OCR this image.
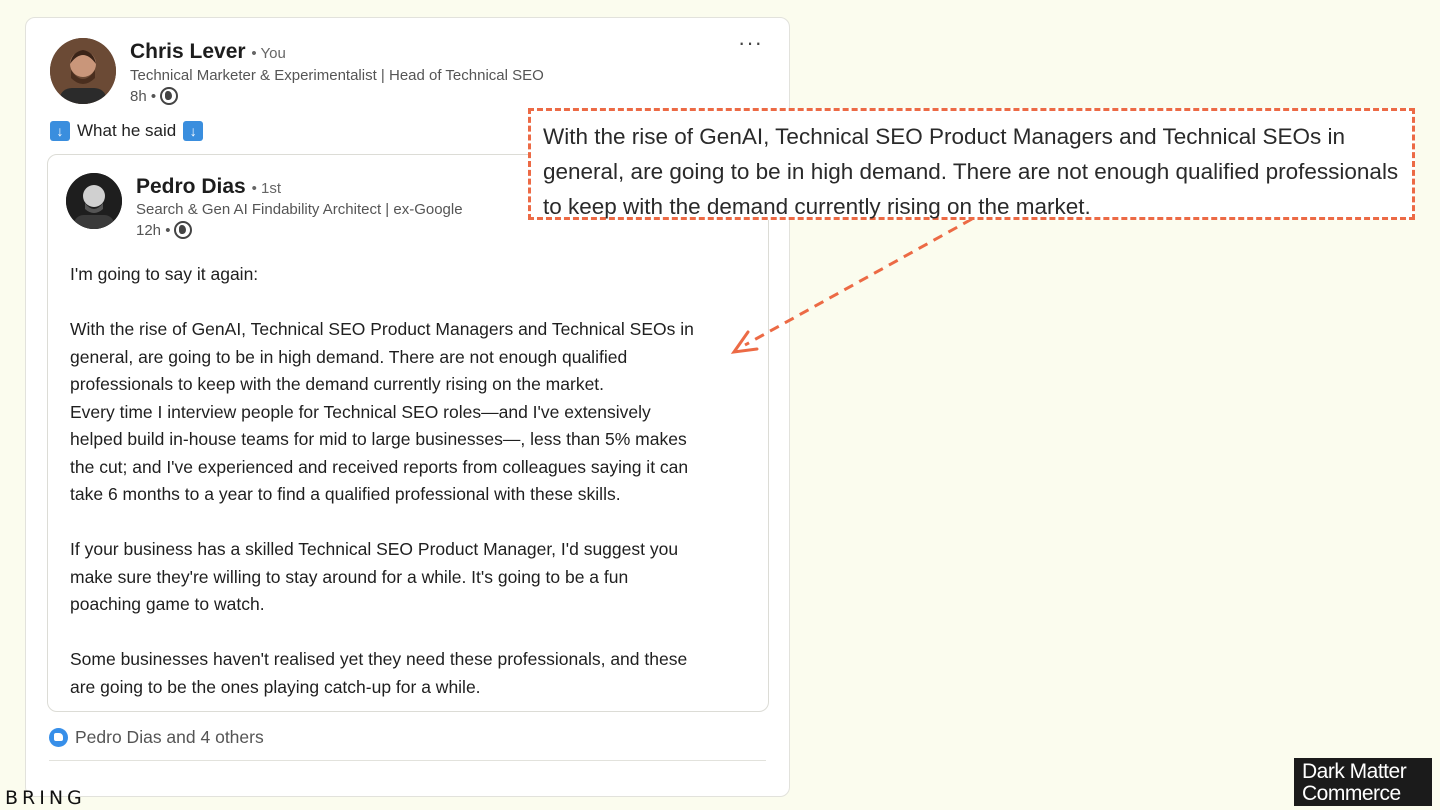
Chris Lever • You
Technical Marketer & Experimentalist | Head of Technical SEO
8h •
···
↓ What he said ↓
Pedro Dias • 1st
Search & Gen AI Findability Architect | ex-Google
12h •

I'm going to say it again:

With the rise of GenAI, Technical SEO Product Managers and Technical SEOs in
general, are going to be in high demand. There are not enough qualified
professionals to keep with the demand currently rising on the market.
Every time I interview people for Technical SEO roles—and I've extensively
helped build in-house teams for mid to large businesses—, less than 5% makes
the cut; and I've experienced and received reports from colleagues saying it can
take 6 months to a year to find a qualified professional with these skills.

If your business has a skilled Technical SEO Product Manager, I'd suggest you
make sure they're willing to stay around for a while. It's going to be a fun
poaching game to watch.

Some businesses haven't realised yet they need these professionals, and these
are going to be the ones playing catch-up for a while.

Pedro Dias and 4 others
With the rise of GenAI, Technical SEO Product Managers and Technical SEOs in general, are going to be in high demand. There are not enough qualified professionals to keep with the demand currently rising on the market.
BRING
Dark Matter
Commerce
